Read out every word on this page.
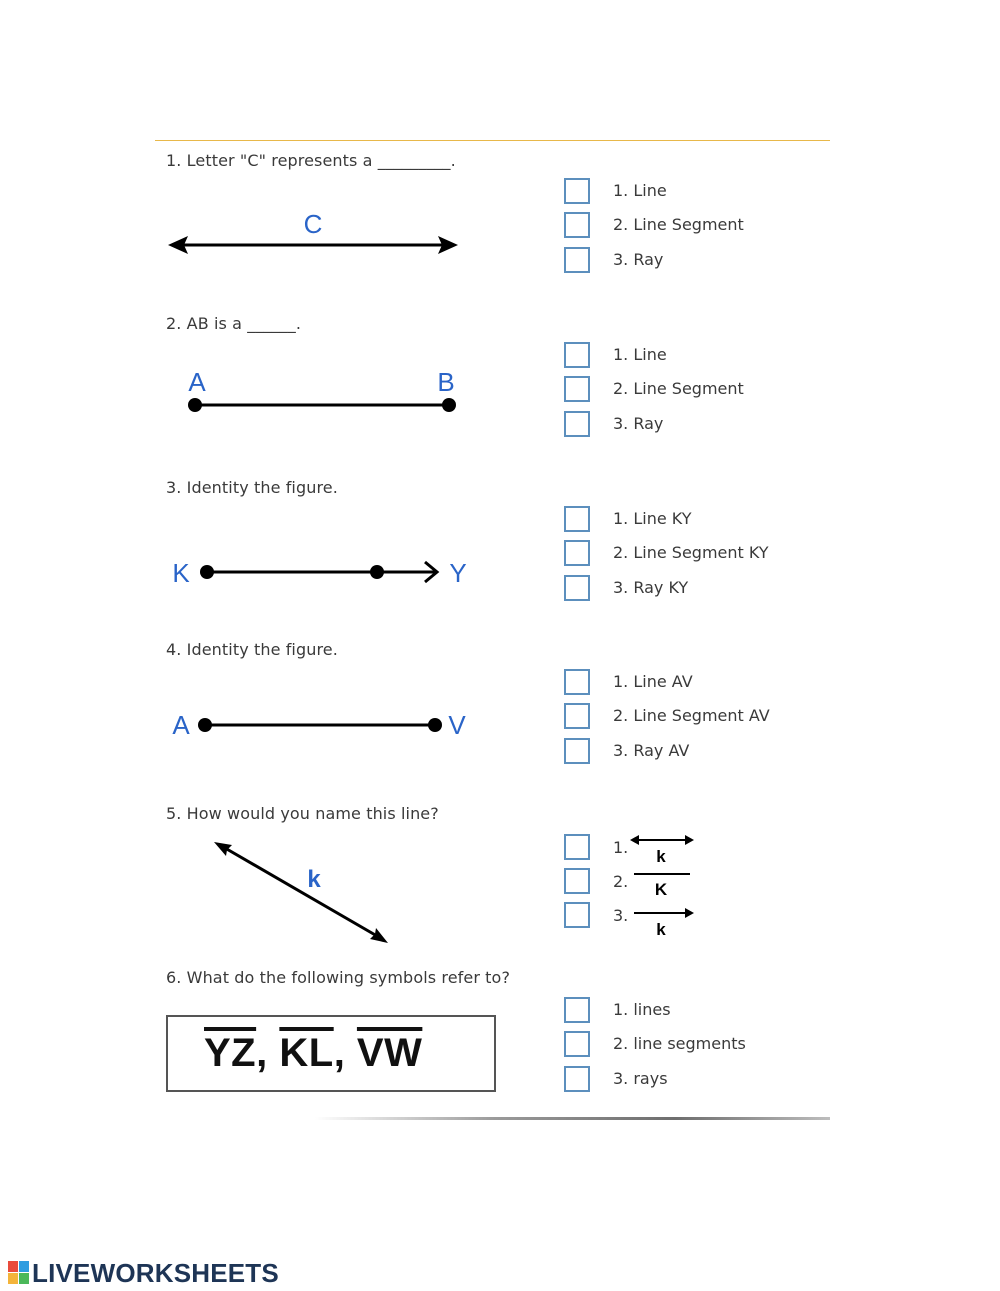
1. Letter "C" represents a _________.
C
1. Line
2. Line Segment
3. Ray
2. AB is a ______.
A	B
1. Line
2. Line Segment
3. Ray
3. Identity the figure.
K	Y
1. Line KY
2. Line Segment KY
3. Ray KY
4. Identity the figure.
A	V
1. Line AV
2. Line Segment AV
3. Ray AV
5. How would you name this line?
k
1. k
2. K
3.
k
6. What do the following symbols refer to?
$\overline{YZ}$, $\overline{KL}$, $\overline{VW}$
1. lines
2. line segments
3. rays
LIVEWORKSHEETS
